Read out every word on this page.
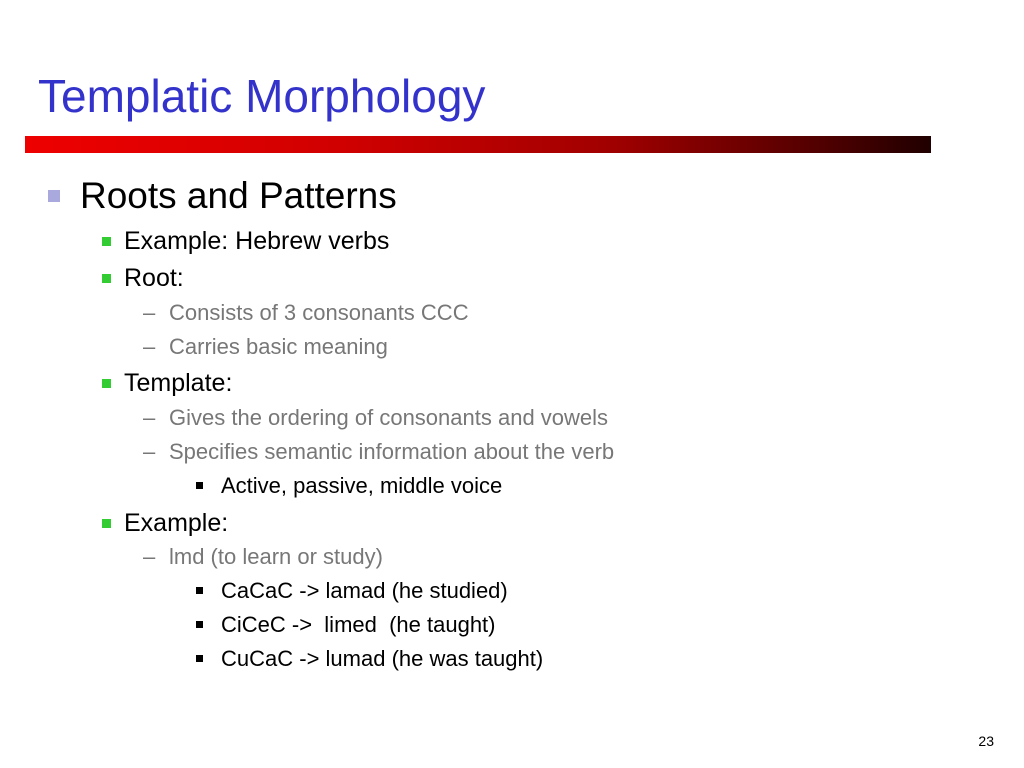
Templatic Morphology
Roots and Patterns
Example: Hebrew verbs
Root:
– Consists of 3 consonants CCC
– Carries basic meaning
Template:
– Gives the ordering of consonants and vowels
– Specifies semantic information about the verb
Active, passive, middle voice
Example:
– lmd (to learn or study)
CaCaC -> lamad (he studied)
CiCeC ->  limed  (he taught)
CuCaC -> lumad (he was taught)
23
